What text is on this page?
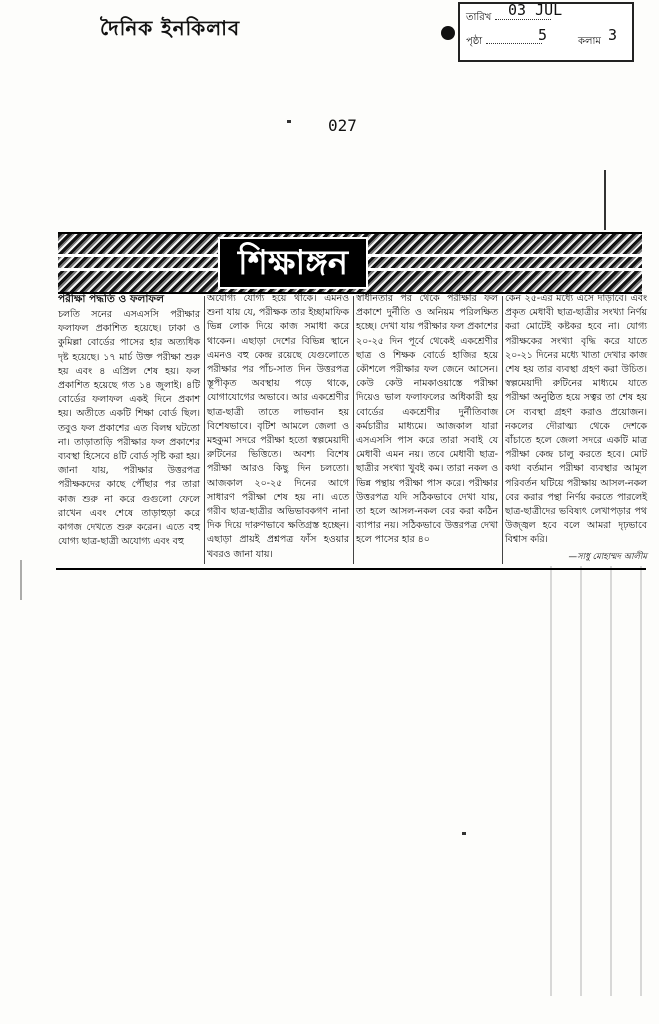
দৈনিক ইনকিলাব	তারিখ	03 JUL
পৃষ্ঠা	5	কলাম 3
027
শিক্ষাঙ্গন

পরীক্ষা পদ্ধতি ও ফলাফল

চলতি সনের এসএসসি পরীক্ষার ফলাফল প্রকাশিত হয়েছে। ঢাকা ও কুমিল্লা বোর্ডের পাসের হার অত্যধিক দৃষ্ট হয়েছে। ১৭ মার্চ উক্ত পরীক্ষা শুরু হয় এবং ৪ এপ্রিল শেষ হয়। ফল প্রকাশিত হয়েছে গত ১৪ জুলাই। ৪টি বোর্ডের ফলাফল একই দিনে প্রকাশ হয়। অতীতে একটি শিক্ষা বোর্ড ছিল। তবুও ফল প্রকাশের এত বিলম্ব ঘটতো না। তাড়াতাড়ি পরীক্ষার ফল প্রকাশের ব্যবস্থা হিসেবে ৪টি বোর্ড সৃষ্টি করা হয়। জানা যায়, পরীক্ষার উত্তরপত্র পরীক্ষকদের কাছে পৌঁছার পর তারা কাজ শুরু না করে গুগুলো ফেলে রাখেন এবং শেষে তাড়াহুড়া করে কাগজ দেখতে শুরু করেন। এতে বহু যোগ্য ছাত্র-ছাত্রী অযোগ্য এবং বহু

অযোগ্য যোগ্য হয়ে থাকে। এমনও শুনা যায় যে, পরীক্ষক তার ইচ্ছামাফিক ভিন্ন লোক দিয়ে কাজ সমাধা করে থাকেন। এছাড়া দেশের বিভিন্ন স্থানে এমনও বহু কেন্দ্র রয়েছে যেগুলোতে পরীক্ষার পর পাঁচ-সাত দিন উত্তরপত্র স্তূপীকৃত অবস্থায় পড়ে থাকে, যোগাযোগের অভাবে। আর একশ্রেণীর ছাত্র-ছাত্রী তাতে লাভবান হয় বিশেষভাবে। বৃটিশ আমলে জেলা ও মহকুমা সদরে পরীক্ষা হতো স্বল্পমেয়াদী রুটিনের ভিত্তিতে। অবশ্য বিশেষ পরীক্ষা আরও কিছু দিন চলতো। আজকাল ২০-২৫ দিনের আগে সাধারণ পরীক্ষা শেষ হয় না। এতে গরীব ছাত্র-ছাত্রীর অভিভাবকগণ নানা দিক দিয়ে দারুণভাবে ক্ষতিগ্রস্ত হচ্ছেন। এছাড়া প্রায়ই প্রশ্নপত্র ফাঁস হওয়ার খবরও জানা যায়।

স্বাধীনতার পর থেকে পরীক্ষার ফল প্রকাশে দুর্নীতি ও অনিয়ম পরিলক্ষিত হচ্ছে। দেখা যায় পরীক্ষার ফল প্রকাশের ২০-২৫ দিন পূর্বে থেকেই একশ্রেণীর ছাত্র ও শিক্ষক বোর্ডে হাজির হয়ে কৌশলে পরীক্ষার ফল জেনে আসেন। কেউ কেউ নামকাওয়াস্তে পরীক্ষা দিয়েও ভাল ফলাফলের অধিকারী হয় বোর্ডের একশ্রেণীর দুর্নীতিবাজ কর্মচারীর মাধ্যমে। আজকাল যারা এসএসসি পাস করে তারা সবাই যে মেধাবী এমন নয়। তবে মেধাবী ছাত্র-ছাত্রীর সংখ্যা খুবই কম। তারা নকল ও ভিন্ন পন্থায় পরীক্ষা পাস করে। পরীক্ষার উত্তরপত্র যদি সঠিকভাবে দেখা যায়, তা হলে আসল-নকল বের করা কঠিন ব্যাপার নয়। সঠিকভাবে উত্তরপত্র দেখা হলে পাসের হার ৪০

কেন ২৫-এর মধ্যে এসে দাঁড়াবে। এবং প্রকৃত মেধাবী ছাত্র-ছাত্রীর সংখ্যা নির্ণয় করা মোটেই কষ্টকর হবে না। যোগ্য পরীক্ষকের সংখ্যা বৃদ্ধি করে যাতে ২০-২১ দিনের মধ্যে খাতা দেখার কাজ শেষ হয় তার ব্যবস্থা গ্রহণ করা উচিত। স্বল্পমেয়াদী রুটিনের মাধ্যমে যাতে পরীক্ষা অনুষ্ঠিত হয়ে সত্বর তা শেষ হয় সে ব্যবস্থা গ্রহণ করাও প্রয়োজন। নকলের দৌরাত্ম্য থেকে দেশকে বাঁচাতে হলে জেলা সদরে একটি মাত্র পরীক্ষা কেন্দ্র চালু করতে হবে। মোট কথা বর্তমান পরীক্ষা ব্যবস্থার আমূল পরিবর্তন ঘটিয়ে পরীক্ষায় আসল-নকল বের করার পন্থা নির্ণয় করতে পারলেই ছাত্র-ছাত্রীদের ভবিষ্যৎ লেখাপড়ার পথ উজ্জ্বল হবে বলে আমরা দৃঢ়ভাবে বিশ্বাস করি।

—সাধু মোহাম্মদ আলীম
